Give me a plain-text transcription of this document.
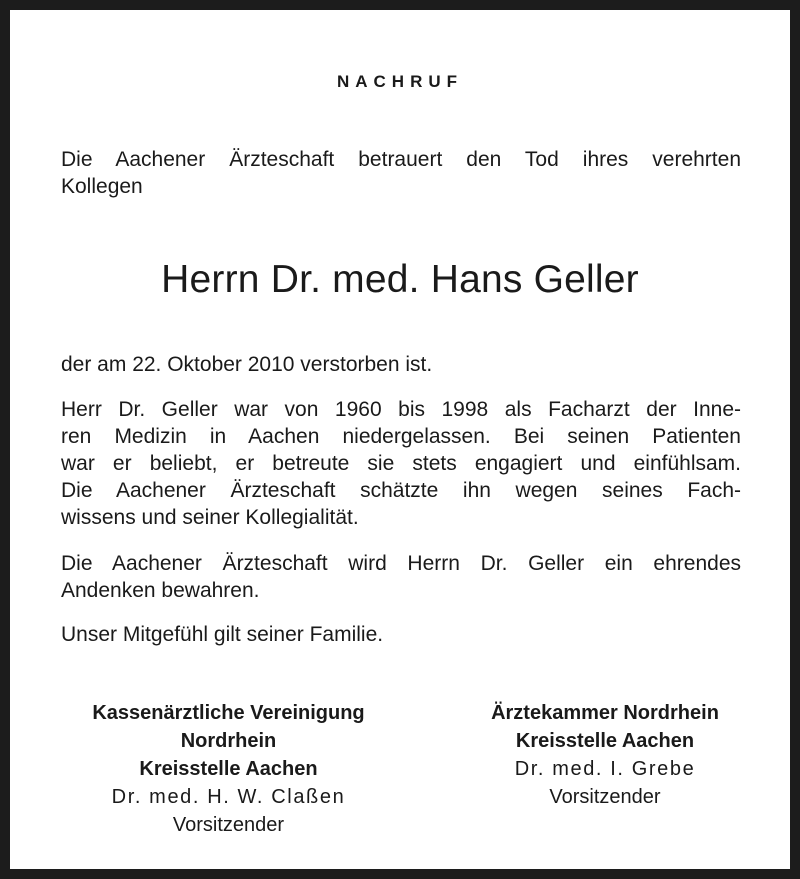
NACHRUF

Die Aachener Ärzteschaft betrauert den Tod ihres verehrten
Kollegen

Herrn Dr. med. Hans Geller

der am 22. Oktober 2010 verstorben ist.

Herr Dr. Geller war von 1960 bis 1998 als Facharzt der Inne-
ren Medizin in Aachen niedergelassen. Bei seinen Patienten
war er beliebt, er betreute sie stets engagiert und einfühlsam.
Die Aachener Ärzteschaft schätzte ihn wegen seines Fach-
wissens und seiner Kollegialität.

Die Aachener Ärzteschaft wird Herrn Dr. Geller ein ehrendes
Andenken bewahren.

Unser Mitgefühl gilt seiner Familie.

Kassenärztliche Vereinigung
Nordrhein
Kreisstelle Aachen
Dr. med. H. W. Claßen
Vorsitzender
Ärztekammer Nordrhein
Kreisstelle Aachen
Dr. med. I. Grebe
Vorsitzender
